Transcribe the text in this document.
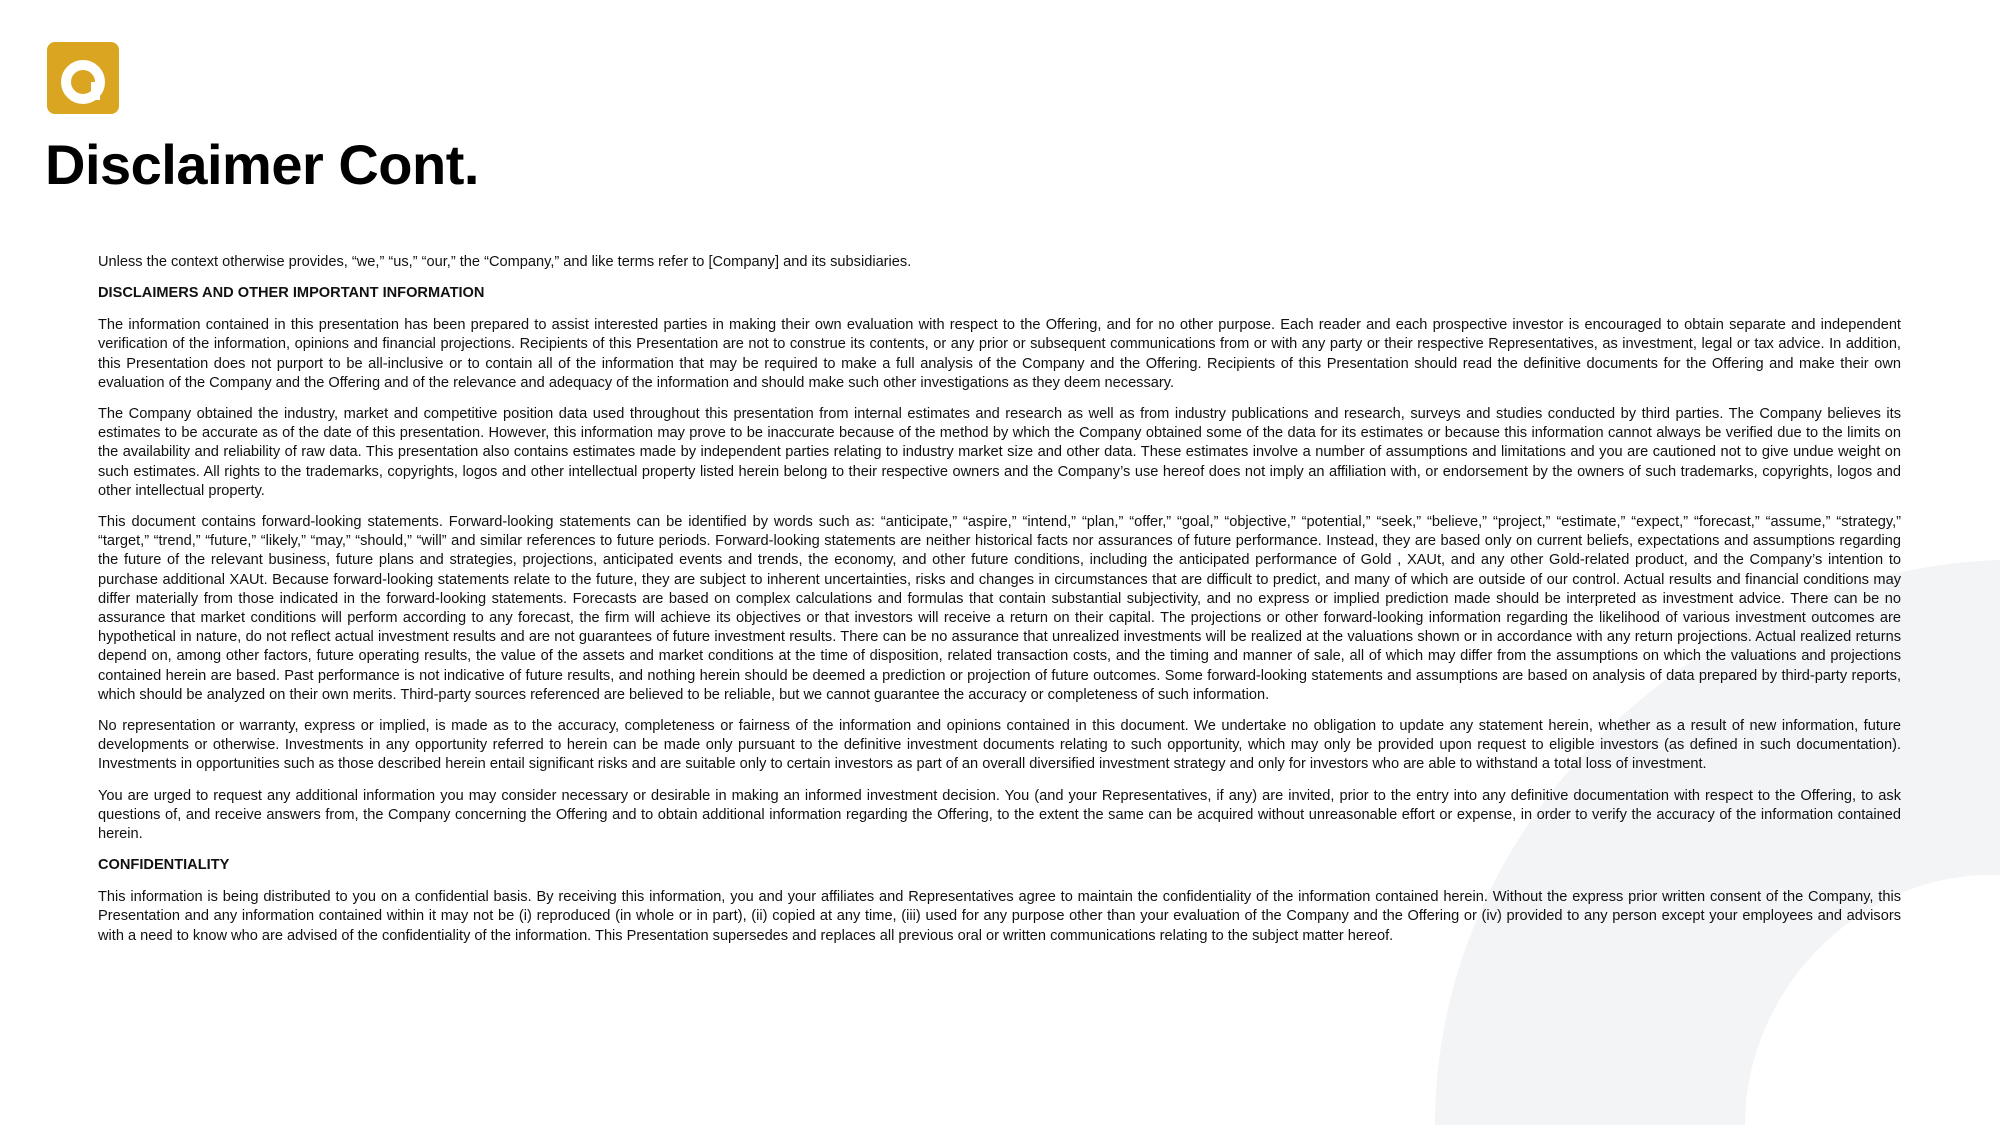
Disclaimer Cont.

Unless the context otherwise provides, “we,” “us,” “our,” the “Company,” and like terms refer to [Company] and its subsidiaries.

DISCLAIMERS AND OTHER IMPORTANT INFORMATION

The information contained in this presentation has been prepared to assist interested parties in making their own evaluation with respect to the Offering, and for no other purpose. Each reader and each prospective investor is encouraged to obtain separate and independent verification of the information, opinions and financial projections. Recipients of this Presentation are not to construe its contents, or any prior or subsequent communications from or with any party or their respective Representatives, as investment, legal or tax advice. In addition, this Presentation does not purport to be all-inclusive or to contain all of the information that may be required to make a full analysis of the Company and the Offering. Recipients of this Presentation should read the definitive documents for the Offering and make their own evaluation of the Company and the Offering and of the relevance and adequacy of the information and should make such other investigations as they deem necessary.

The Company obtained the industry, market and competitive position data used throughout this presentation from internal estimates and research as well as from industry publications and research, surveys and studies conducted by third parties. The Company believes its estimates to be accurate as of the date of this presentation. However, this information may prove to be inaccurate because of the method by which the Company obtained some of the data for its estimates or because this information cannot always be verified due to the limits on the availability and reliability of raw data. This presentation also contains estimates made by independent parties relating to industry market size and other data. These estimates involve a number of assumptions and limitations and you are cautioned not to give undue weight on such estimates. All rights to the trademarks, copyrights, logos and other intellectual property listed herein belong to their respective owners and the Company’s use hereof does not imply an affiliation with, or endorsement by the owners of such trademarks, copyrights, logos and other intellectual property.

This document contains forward-looking statements. Forward-looking statements can be identified by words such as: “anticipate,” “aspire,” “intend,” “plan,” “offer,” “goal,” “objective,” “potential,” “seek,” “believe,” “project,” “estimate,” “expect,” “forecast,” “assume,” “strategy,” “target,” “trend,” “future,” “likely,” “may,” “should,” “will” and similar references to future periods. Forward-looking statements are neither historical facts nor assurances of future performance. Instead, they are based only on current beliefs, expectations and assumptions regarding the future of the relevant business, future plans and strategies, projections, anticipated events and trends, the economy, and other future conditions, including the anticipated performance of Gold , XAUt, and any other Gold-related product, and the Company’s intention to purchase additional XAUt. Because forward-looking statements relate to the future, they are subject to inherent uncertainties, risks and changes in circumstances that are difficult to predict, and many of which are outside of our control. Actual results and financial conditions may differ materially from those indicated in the forward-looking statements. Forecasts are based on complex calculations and formulas that contain substantial subjectivity, and no express or implied prediction made should be interpreted as investment advice. There can be no assurance that market conditions will perform according to any forecast, the firm will achieve its objectives or that investors will receive a return on their capital. The projections or other forward-looking information regarding the likelihood of various investment outcomes are hypothetical in nature, do not reflect actual investment results and are not guarantees of future investment results. There can be no assurance that unrealized investments will be realized at the valuations shown or in accordance with any return projections. Actual realized returns depend on, among other factors, future operating results, the value of the assets and market conditions at the time of disposition, related transaction costs, and the timing and manner of sale, all of which may differ from the assumptions on which the valuations and projections contained herein are based. Past performance is not indicative of future results, and nothing herein should be deemed a prediction or projection of future outcomes. Some forward-looking statements and assumptions are based on analysis of data prepared by third-party reports, which should be analyzed on their own merits. Third-party sources referenced are believed to be reliable, but we cannot guarantee the accuracy or completeness of such information.

No representation or warranty, express or implied, is made as to the accuracy, completeness or fairness of the information and opinions contained in this document. We undertake no obligation to update any statement herein, whether as a result of new information, future developments or otherwise. Investments in any opportunity referred to herein can be made only pursuant to the definitive investment documents relating to such opportunity, which may only be provided upon request to eligible investors (as defined in such documentation). Investments in opportunities such as those described herein entail significant risks and are suitable only to certain investors as part of an overall diversified investment strategy and only for investors who are able to withstand a total loss of investment.

You are urged to request any additional information you may consider necessary or desirable in making an informed investment decision. You (and your Representatives, if any) are invited, prior to the entry into any definitive documentation with respect to the Offering, to ask questions of, and receive answers from, the Company concerning the Offering and to obtain additional information regarding the Offering, to the extent the same can be acquired without unreasonable effort or expense, in order to verify the accuracy of the information contained herein.

CONFIDENTIALITY

This information is being distributed to you on a confidential basis. By receiving this information, you and your affiliates and Representatives agree to maintain the confidentiality of the information contained herein. Without the express prior written consent of the Company, this Presentation and any information contained within it may not be (i) reproduced (in whole or in part), (ii) copied at any time, (iii) used for any purpose other than your evaluation of the Company and the Offering or (iv) provided to any person except your employees and advisors with a need to know who are advised of the confidentiality of the information. This Presentation supersedes and replaces all previous oral or written communications relating to the subject matter hereof.
